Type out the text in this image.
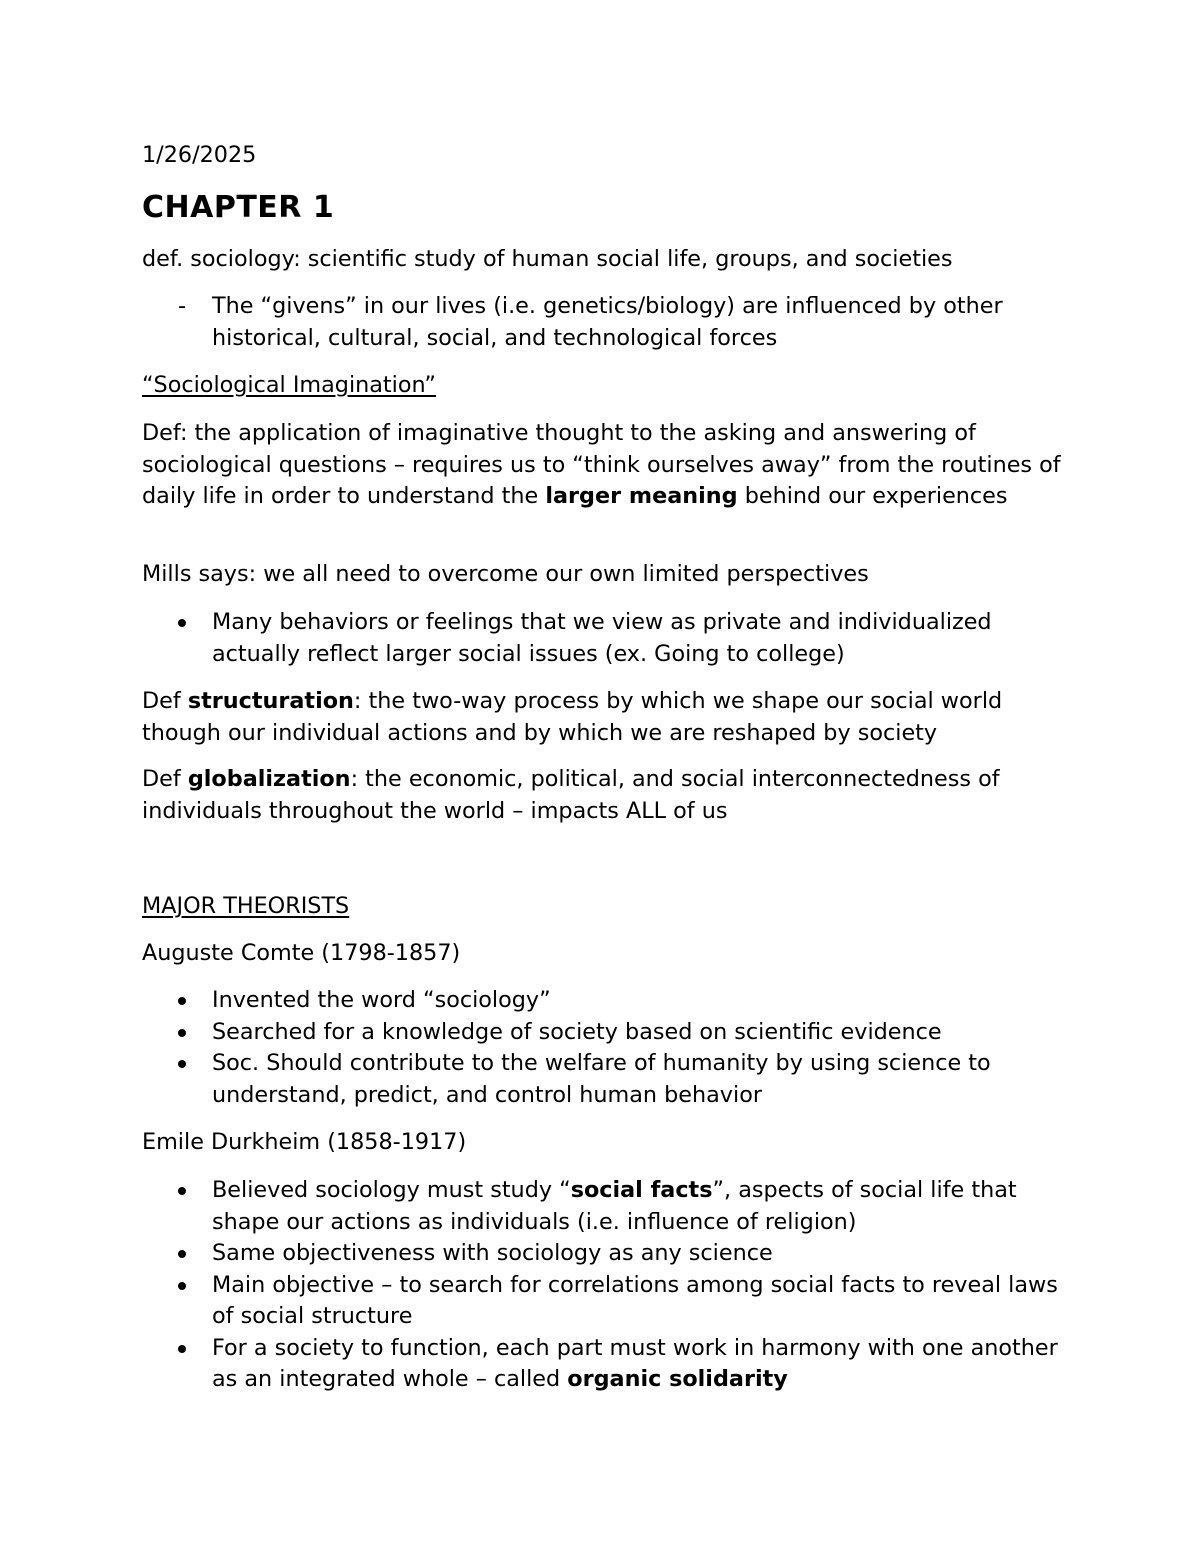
1/26/2025

CHAPTER 1

def. sociology: scientific study of human social life, groups, and societies

- The “givens” in our lives (i.e. genetics/biology) are influenced by other historical, cultural, social, and technological forces

“Sociological Imagination”

Def: the application of imaginative thought to the asking and answering of sociological questions – requires us to “think ourselves away” from the routines of daily life in order to understand the larger meaning behind our experiences

Mills says: we all need to overcome our own limited perspectives

Many behaviors or feelings that we view as private and individualized actually reflect larger social issues (ex. Going to college)

Def structuration: the two-way process by which we shape our social world though our individual actions and by which we are reshaped by society

Def globalization: the economic, political, and social interconnectedness of individuals throughout the world – impacts ALL of us

MAJOR THEORISTS

Auguste Comte (1798-1857)

Invented the word “sociology”
Searched for a knowledge of society based on scientific evidence
Soc. Should contribute to the welfare of humanity by using science to understand, predict, and control human behavior

Emile Durkheim (1858-1917)

Believed sociology must study “social facts”, aspects of social life that shape our actions as individuals (i.e. influence of religion)
Same objectiveness with sociology as any science
Main objective – to search for correlations among social facts to reveal laws of social structure
For a society to function, each part must work in harmony with one another as an integrated whole – called organic solidarity
